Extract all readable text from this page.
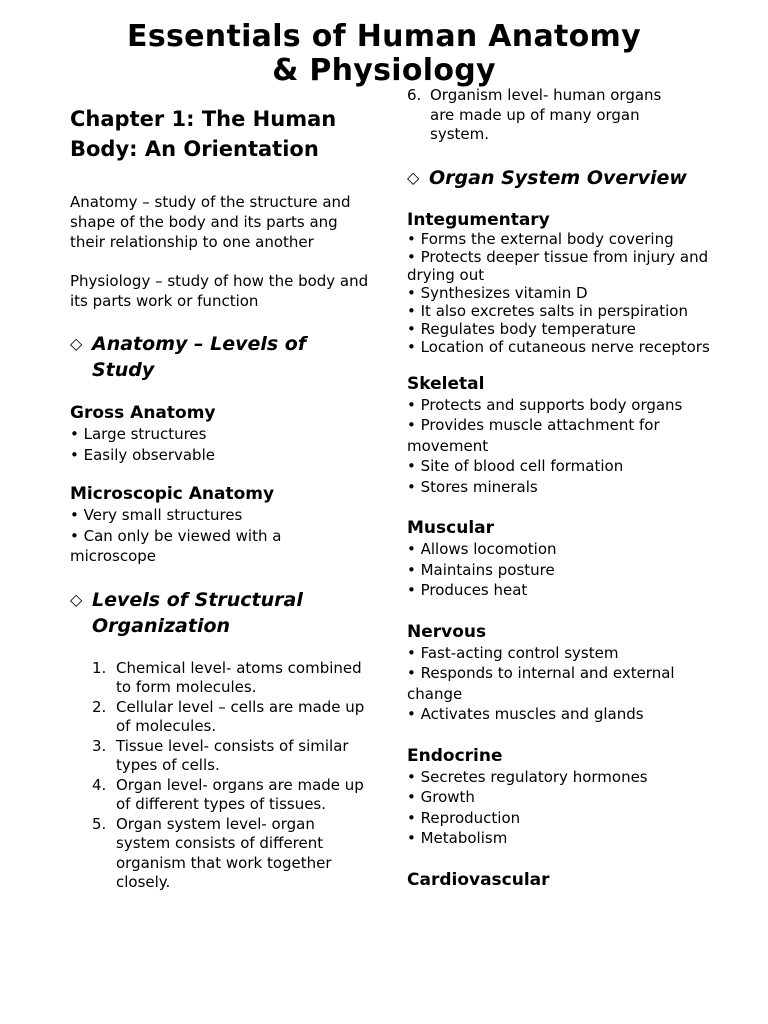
Essentials of Human Anatomy
& Physiology
Chapter 1: The Human Body: An Orientation

Anatomy – study of the structure and shape of the body and its parts ang their relationship to one another

Physiology – study of how the body and its parts work or function

◇ Anatomy – Levels of Study
Gross Anatomy
• Large structures
• Easily observable
Microscopic Anatomy
• Very small structures
• Can only be viewed with a microscope
◇ Levels of Structural Organization
1. Chemical level- atoms combined to form molecules.
2. Cellular level – cells are made up of molecules.
3. Tissue level- consists of similar types of cells.
4. Organ level- organs are made up of different types of tissues.
5. Organ system level- organ system consists of different organism that work together closely.
6. Organism level- human organs are made up of many organ system.
◇ Organ System Overview
Integumentary
• Forms the external body covering
• Protects deeper tissue from injury and drying out
• Synthesizes vitamin D
• It also excretes salts in perspiration
• Regulates body temperature
• Location of cutaneous nerve receptors
Skeletal
• Protects and supports body organs
• Provides muscle attachment for movement
• Site of blood cell formation
• Stores minerals
Muscular
• Allows locomotion
• Maintains posture
• Produces heat
Nervous
• Fast-acting control system
• Responds to internal and external change
• Activates muscles and glands
Endocrine
• Secretes regulatory hormones
• Growth
• Reproduction
• Metabolism
Cardiovascular
